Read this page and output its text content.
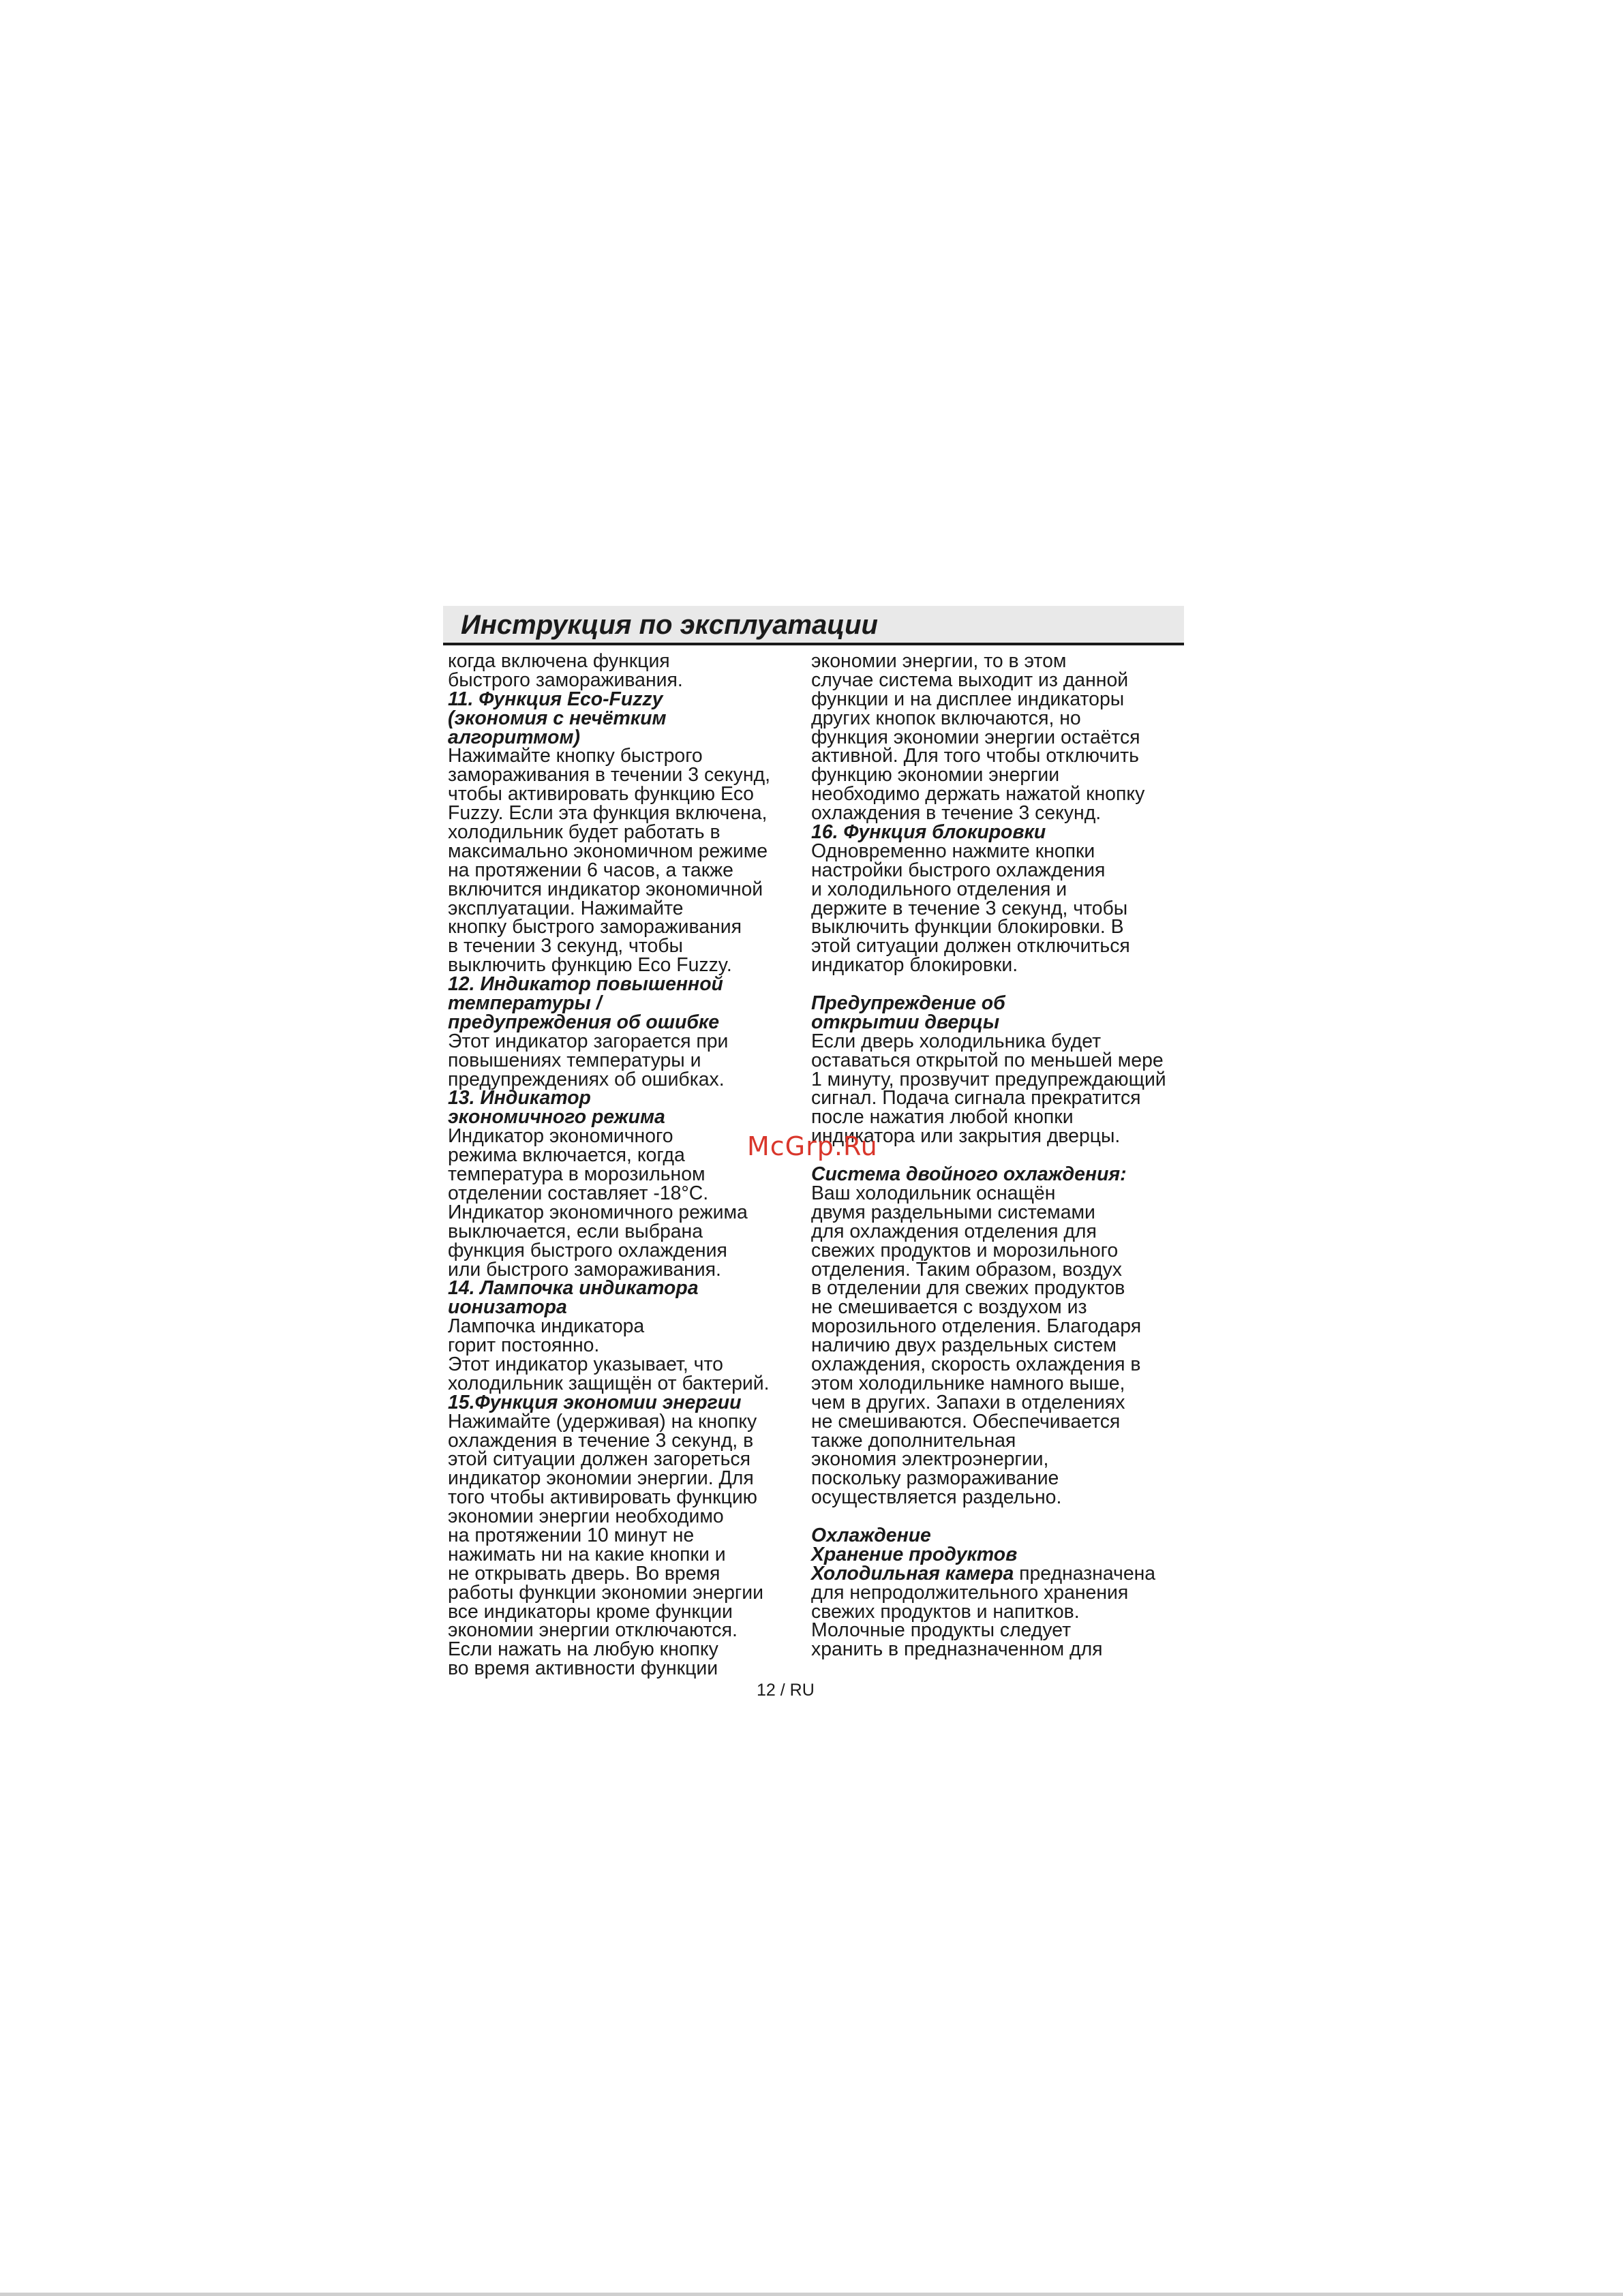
Инструкция по эксплуатации
когда включена функция
быстрого замораживания.
11. Функция Eco-Fuzzy
(экономия с нечётким
алгоритмом)
Нажимайте кнопку быстрого
замораживания в течении 3 секунд,
чтобы активировать функцию Eco
Fuzzy. Если эта функция включена,
холодильник будет работать в
максимально экономичном режиме
на протяжении 6 часов, а также
включится индикатор экономичной
эксплуатации. Нажимайте
кнопку быстрого замораживания
в течении 3 секунд, чтобы
выключить функцию Eco Fuzzy.
12. Индикатор повышенной
температуры /
предупреждения об ошибке
Этот индикатор загорается при
повышениях температуры и
предупреждениях об ошибках.
13. Индикатор
экономичного режима
Индикатор экономичного
режима включается, когда
температура в морозильном
отделении составляет -18°C.
Индикатор экономичного режима
выключается, если выбрана
функция быстрого охлаждения
или быстрого замораживания.
14. Лампочка индикатора
ионизатора
Лампочка индикатора
горит постоянно.
Этот индикатор указывает, что
холодильник защищён от бактерий.
15.Функция экономии энергии
Нажимайте (удерживая) на кнопку
охлаждения в течение 3 секунд, в
этой ситуации должен загореться
индикатор экономии энергии. Для
того чтобы активировать функцию
экономии энергии необходимо
на протяжении 10 минут не
нажимать ни на какие кнопки и
не открывать дверь. Во время
работы функции экономии энергии
все индикаторы кроме функции
экономии энергии отключаются.
Если нажать на любую кнопку
во время активности функции
экономии энергии, то в этом
случае система выходит из данной
функции и на дисплее индикаторы
других кнопок включаются, но
функция экономии энергии остаётся
активной. Для того чтобы отключить
функцию экономии энергии
необходимо держать нажатой кнопку
охлаждения в течение 3 секунд.
16. Функция блокировки
Одновременно нажмите кнопки
настройки быстрого охлаждения
и холодильного отделения и
держите в течение 3 секунд, чтобы
выключить функции блокировки. В
этой ситуации должен отключиться
индикатор блокировки.
Предупреждение об
открытии дверцы
Если дверь холодильника будет
оставаться открытой по меньшей мере
1 минуту, прозвучит предупреждающий
сигнал. Подача сигнала прекратится
после нажатия любой кнопки
индикатора или закрытия дверцы.
Система двойного охлаждения:
Ваш холодильник оснащён
двумя раздельными системами
для охлаждения отделения для
свежих продуктов и морозильного
отделения. Таким образом, воздух
в отделении для свежих продуктов
не смешивается с воздухом из
морозильного отделения. Благодаря
наличию двух раздельных систем
охлаждения, скорость охлаждения в
этом холодильнике намного выше,
чем в других. Запахи в отделениях
не смешиваются. Обеспечивается
также дополнительная
экономия электроэнергии,
поскольку размораживание
осуществляется раздельно.
Охлаждение
Хранение продуктов
Холодильная камера предназначена
для непродолжительного хранения
свежих продуктов и напитков.
Молочные продукты следует
хранить в предназначенном для
McGrp.Ru
12 / RU
